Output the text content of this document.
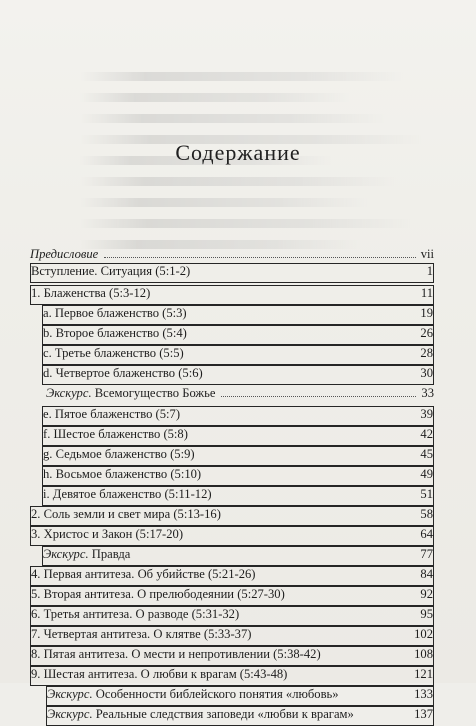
Содержание
Предисловие	vii
Вступление. Ситуация (5:1-2)	1
1. Блаженства (5:3-12)	11
a. Первое блаженство (5:3)	19
b. Второе блаженство (5:4)	26
c. Третье блаженство (5:5)	28
d. Четвертое блаженство (5:6)	30
Экскурс. Всемогущество Божье	33
e. Пятое блаженство (5:7)	39
f. Шестое блаженство (5:8)	42
g. Седьмое блаженство (5:9)	45
h. Восьмое блаженство (5:10)	49
i. Девятое блаженство (5:11-12)	51
2. Соль земли и свет мира (5:13-16)	58
3. Христос и Закон (5:17-20)	64
Экскурс. Правда	77
4. Первая антитеза. Об убийстве (5:21-26)	84
5. Вторая антитеза. О прелюбодеянии (5:27-30)	92
6. Третья антитеза. О разводе (5:31-32)	95
7. Четвертая антитеза. О клятве (5:33-37)	102
8. Пятая антитеза. О мести и непротивлении (5:38-42)	108
9. Шестая антитеза. О любви к врагам (5:43-48)	121
Экскурс. Особенности библейского понятия «любовь»	133
Экскурс. Реальные следствия заповеди «любви к врагам»	137
